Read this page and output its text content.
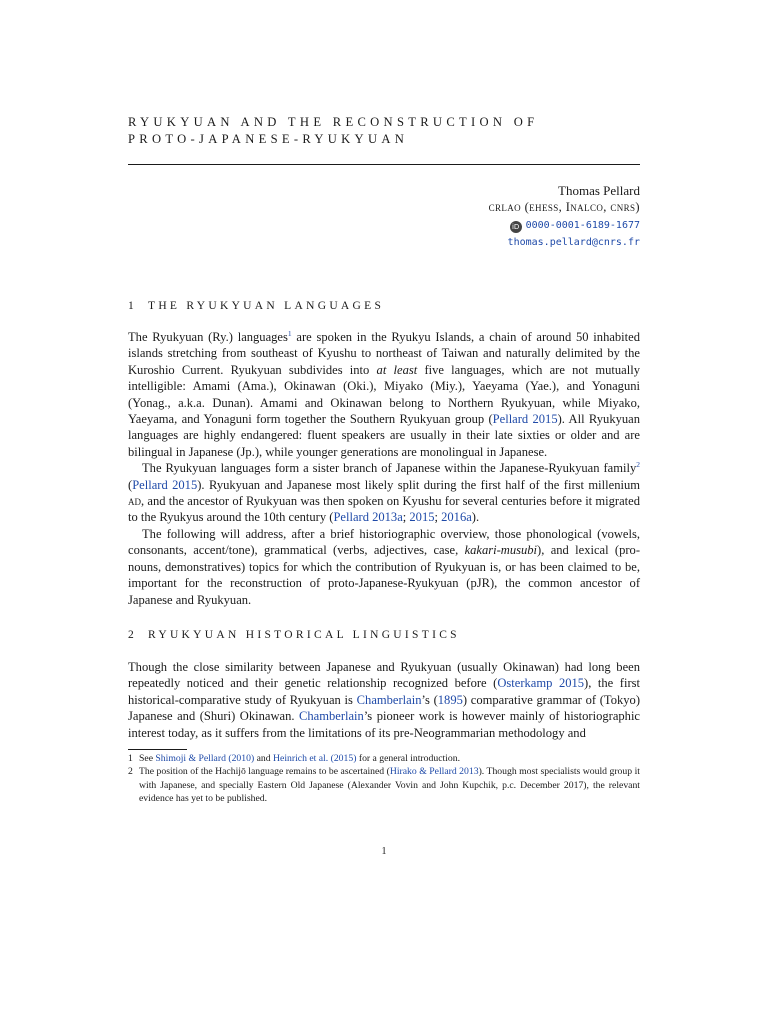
RYUKYUAN AND THE RECONSTRUCTION OF
PROTO-JAPANESE-RYUKYUAN
Thomas Pellard
crlao (ehess, Inalco, cnrs)
iD 0000-0001-6189-1677
thomas.pellard@cnrs.fr
1 THE RYUKYUAN LANGUAGES

The Ryukyuan (Ry.) languages$^1$ are spoken in the Ryukyu Islands, a chain of around 50 inhabited islands stretching from southeast of Kyushu to northeast of Taiwan and naturally delimited by the Kuroshio Current. Ryukyuan subdivides into at least five languages, which are not mutually intelligible: Amami (Ama.), Okinawan (Oki.), Miyako (Miy.), Yaeyama (Yae.), and Yonaguni (Yonag., a.k.a. Dunan). Amami and Okinawan belong to Northern Ryukyuan, while Miyako, Yaeyama, and Yonaguni form together the Southern Ryukyuan group (Pellard 2015). All Ryukyuan languages are highly endangered: fluent speakers are usually in their late sixties or older and are bilingual in Japanese (Jp.), while younger generations are monolingual in Japanese.

The Ryukyuan languages form a sister branch of Japanese within the Japanese-Ryukyuan family$^2$ (Pellard 2015). Ryukyuan and Japanese most likely split during the first half of the first millenium ad, and the ancestor of Ryukyuan was then spoken on Kyushu for several centuries before it migrated to the Ryukyus around the 10th century (Pellard 2013a; 2015; 2016a).

The following will address, after a brief historiographic overview, those phonological (vowels, consonants, accent/tone), grammatical (verbs, adjectives, case, kakari-musubi), and lexical (pronouns, demonstratives) topics for which the contribution of Ryukyuan is, or has been claimed to be, important for the reconstruction of proto-Japanese-Ryukyuan (pJR), the common ancestor of Japanese and Ryukyuan.

2 RYUKYUAN HISTORICAL LINGUISTICS

Though the close similarity between Japanese and Ryukyuan (usually Okinawan) had long been repeatedly noticed and their genetic relationship recognized before (Osterkamp 2015), the first historical-comparative study of Ryukyuan is Chamberlain’s (1895) comparative grammar of (Tokyo) Japanese and (Shuri) Okinawan. Chamberlain’s pioneer work is however mainly of historiographic interest today, as it suffers from the limitations of its pre-Neogrammarian methodology and

1 See Shimoji & Pellard (2010) and Heinrich et al. (2015) for a general introduction.
2 The position of the Hachijō language remains to be ascertained (Hirako & Pellard 2013). Though most specialists would group it with Japanese, and specially Eastern Old Japanese (Alexander Vovin and John Kupchik, p.c. December 2017), the relevant evidence has yet to be published.
1
